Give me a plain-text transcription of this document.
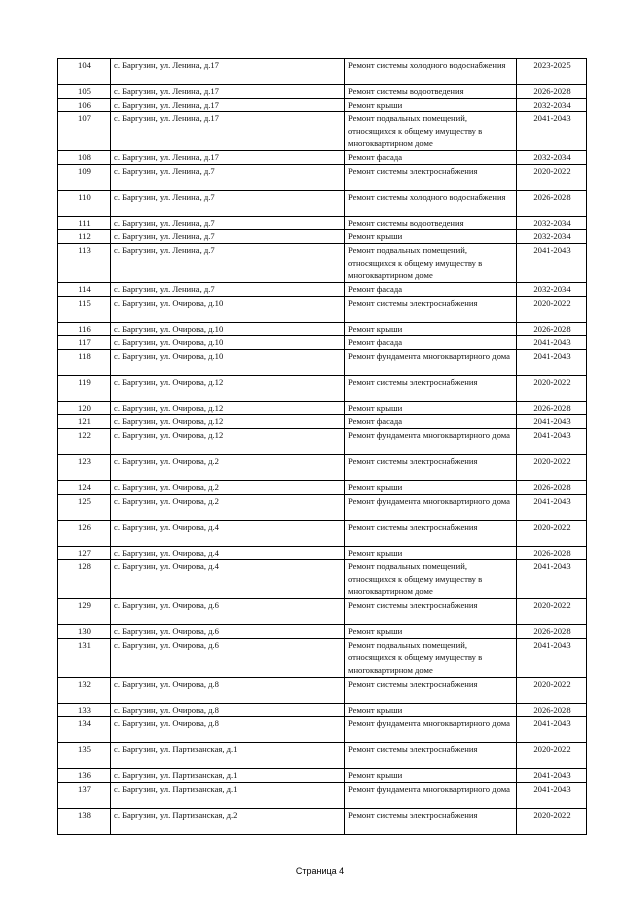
104	с. Баргузин, ул. Ленина, д.17	Ремонт системы холодного водоснабжения	2023-2025
105	с. Баргузин, ул. Ленина, д.17	Ремонт системы водоотведения	2026-2028
106	с. Баргузин, ул. Ленина, д.17	Ремонт крыши	2032-2034
107	с. Баргузин, ул. Ленина, д.17	Ремонт подвальных помещений, относящихся к общему имуществу в многоквартирном доме	2041-2043
108	с. Баргузин, ул. Ленина, д.17	Ремонт фасада	2032-2034
109	с. Баргузин, ул. Ленина, д.7	Ремонт системы электроснабжения	2020-2022
110	с. Баргузин, ул. Ленина, д.7	Ремонт системы холодного водоснабжения	2026-2028
111	с. Баргузин, ул. Ленина, д.7	Ремонт системы водоотведения	2032-2034
112	с. Баргузин, ул. Ленина, д.7	Ремонт крыши	2032-2034
113	с. Баргузин, ул. Ленина, д.7	Ремонт подвальных помещений, относящихся к общему имуществу в многоквартирном доме	2041-2043
114	с. Баргузин, ул. Ленина, д.7	Ремонт фасада	2032-2034
115	с. Баргузин, ул. Очирова, д.10	Ремонт системы электроснабжения	2020-2022
116	с. Баргузин, ул. Очирова, д.10	Ремонт крыши	2026-2028
117	с. Баргузин, ул. Очирова, д.10	Ремонт фасада	2041-2043
118	с. Баргузин, ул. Очирова, д.10	Ремонт фундамента многоквартирного дома	2041-2043
119	с. Баргузин, ул. Очирова, д.12	Ремонт системы электроснабжения	2020-2022
120	с. Баргузин, ул. Очирова, д.12	Ремонт крыши	2026-2028
121	с. Баргузин, ул. Очирова, д.12	Ремонт фасада	2041-2043
122	с. Баргузин, ул. Очирова, д.12	Ремонт фундамента многоквартирного дома	2041-2043
123	с. Баргузин, ул. Очирова, д.2	Ремонт системы электроснабжения	2020-2022
124	с. Баргузин, ул. Очирова, д.2	Ремонт крыши	2026-2028
125	с. Баргузин, ул. Очирова, д.2	Ремонт фундамента многоквартирного дома	2041-2043
126	с. Баргузин, ул. Очирова, д.4	Ремонт системы электроснабжения	2020-2022
127	с. Баргузин, ул. Очирова, д.4	Ремонт крыши	2026-2028
128	с. Баргузин, ул. Очирова, д.4	Ремонт подвальных помещений, относящихся к общему имуществу в многоквартирном доме	2041-2043
129	с. Баргузин, ул. Очирова, д.6	Ремонт системы электроснабжения	2020-2022
130	с. Баргузин, ул. Очирова, д.6	Ремонт крыши	2026-2028
131	с. Баргузин, ул. Очирова, д.6	Ремонт подвальных помещений, относящихся к общему имуществу в многоквартирном доме	2041-2043
132	с. Баргузин, ул. Очирова, д.8	Ремонт системы электроснабжения	2020-2022
133	с. Баргузин, ул. Очирова, д.8	Ремонт крыши	2026-2028
134	с. Баргузин, ул. Очирова, д.8	Ремонт фундамента многоквартирного дома	2041-2043
135	с. Баргузин, ул. Партизанская, д.1	Ремонт системы электроснабжения	2020-2022
136	с. Баргузин, ул. Партизанская, д.1	Ремонт крыши	2041-2043
137	с. Баргузин, ул. Партизанская, д.1	Ремонт фундамента многоквартирного дома	2041-2043
138	с. Баргузин, ул. Партизанская, д.2	Ремонт системы электроснабжения	2020-2022
Страница 4
